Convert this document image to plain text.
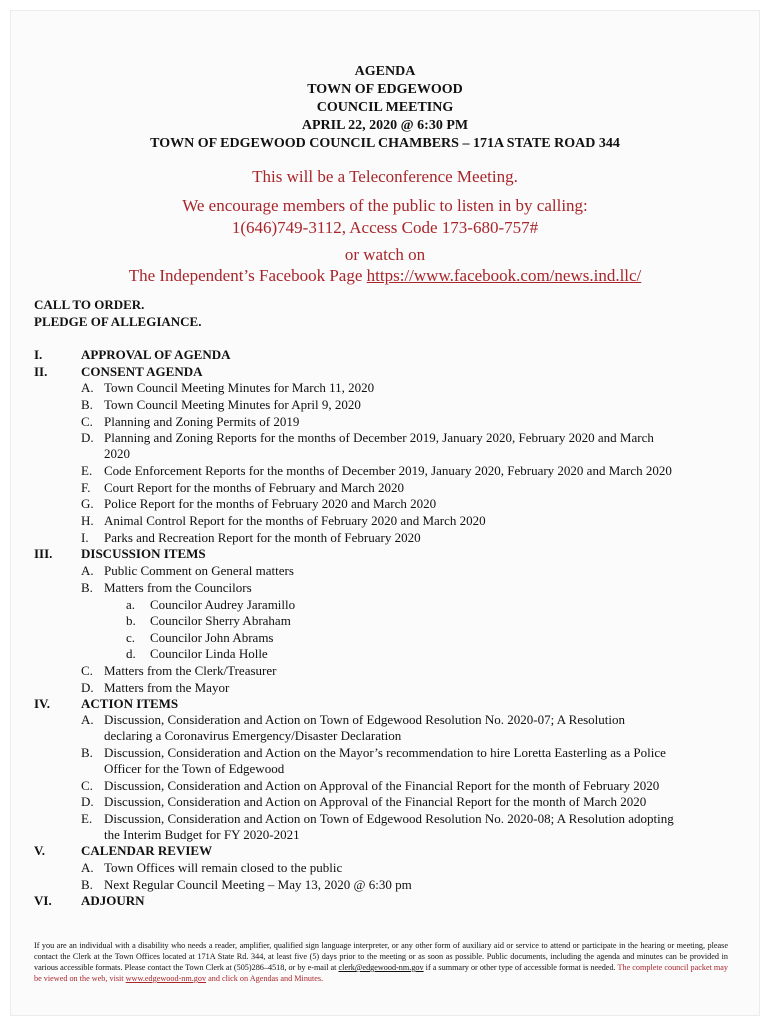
AGENDA
TOWN OF EDGEWOOD
COUNCIL MEETING
APRIL 22, 2020 @ 6:30 PM
TOWN OF EDGEWOOD COUNCIL CHAMBERS – 171A STATE ROAD 344
This will be a Teleconference Meeting.
We encourage members of the public to listen in by calling:
1(646)749-3112, Access Code 173-680-757#
or watch on
The Independent’s Facebook Page https://www.facebook.com/news.ind.llc/
CALL TO ORDER.
PLEDGE OF ALLEGIANCE.
I.	APPROVAL OF AGENDA
II.	CONSENT AGENDA
A. Town Council Meeting Minutes for March 11, 2020
B. Town Council Meeting Minutes for April 9, 2020
C. Planning and Zoning Permits of 2019
D. Planning and Zoning Reports for the months of December 2019, January 2020, February 2020 and March
2020
E. Code Enforcement Reports for the months of December 2019, January 2020, February 2020 and March 2020
F. Court Report for the months of February and March 2020
G. Police Report for the months of February 2020 and March 2020
H. Animal Control Report for the months of February 2020 and March 2020
I. Parks and Recreation Report for the month of February 2020
III. DISCUSSION ITEMS
A. Public Comment on General matters
B. Matters from the Councilors
a. Councilor Audrey Jaramillo
b. Councilor Sherry Abraham
c. Councilor John Abrams
d. Councilor Linda Holle
C. Matters from the Clerk/Treasurer
D. Matters from the Mayor
IV. ACTION ITEMS
A. Discussion, Consideration and Action on Town of Edgewood Resolution No. 2020-07; A Resolution
declaring a Coronavirus Emergency/Disaster Declaration
B. Discussion, Consideration and Action on the Mayor’s recommendation to hire Loretta Easterling as a Police
Officer for the Town of Edgewood
C. Discussion, Consideration and Action on Approval of the Financial Report for the month of February 2020
D. Discussion, Consideration and Action on Approval of the Financial Report for the month of March 2020
E. Discussion, Consideration and Action on Town of Edgewood Resolution No. 2020-08; A Resolution adopting
the Interim Budget for FY 2020-2021
V.	CALENDAR REVIEW
A. Town Offices will remain closed to the public
B. Next Regular Council Meeting – May 13, 2020 @ 6:30 pm
VI. ADJOURN
If you are an individual with a disability who needs a reader, amplifier, qualified sign language interpreter, or any other form of auxiliary aid or service to attend or participate in the hearing or meeting, please contact the Clerk at the Town Offices located at 171A State Rd. 344, at least five (5) days prior to the meeting or as soon as possible. Public documents, including the agenda and minutes can be provided in various accessible formats. Please contact the Town Clerk at (505)286–4518, or by e-mail at clerk@edgewood-nm.gov if a summary or other type of accessible format is needed. The complete council packet may be viewed on the web, visit www.edgewood-nm.gov and click on Agendas and Minutes.
